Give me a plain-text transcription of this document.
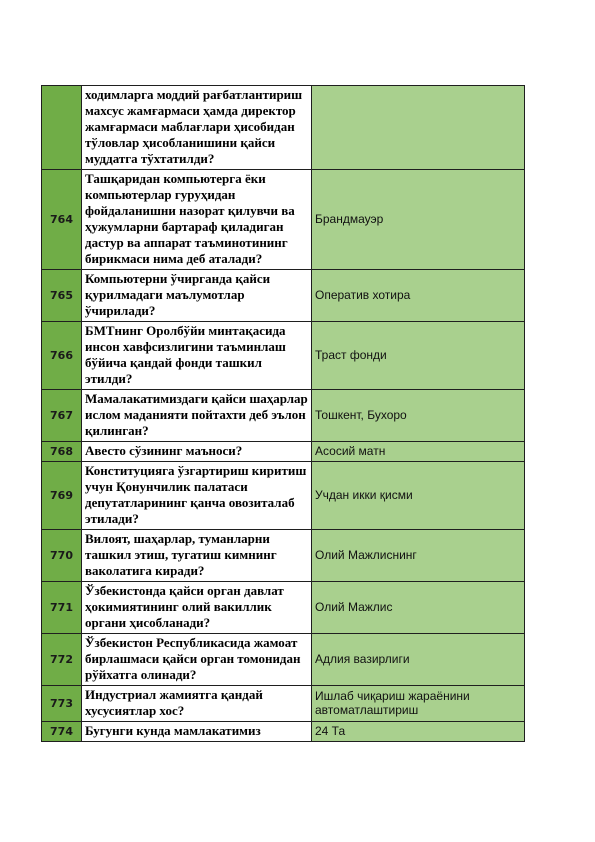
	ходимларга моддий рағбатлантириш махсус жамғармаси ҳамда директор жамғармаси маблағлари ҳисобидан тўловлар ҳисобланишини қайси муддатга тўхтатилди?	
764	Ташқаридан компьютерга ёки компьютерлар гуруҳидан фойдаланишни назорат қилувчи ва ҳужумларни бартараф қиладиган дастур ва аппарат таъминотининг бирикмаси нима деб аталади?	Брандмауэр
765	Компьютерни ўчирганда қайси қурилмадаги маълумотлар ўчирилади?	Оператив хотира
766	БМТнинг Оролбўйи минтақасида инсон хавфсизлигини таъминлаш бўйича қандай фонди ташкил этилди?	Траст фонди
767	Мамалакатимиздаги қайси шаҳарлар ислом маданияти пойтахти деб эълон қилинган?	Тошкент, Бухоро
768	Авесто сўзининг маъноси?	Асосий матн
769	Конституцияга ўзгартириш киритиш учун Қонунчилик палатаси депутатларининг қанча овозиталаб этилади?	Учдан икки қисми
770	Вилоят, шаҳарлар, туманларни ташкил этиш, тугатиш кимнинг ваколатига киради?	Олий Мажлиснинг
771	Ўзбекистонда қайси орган давлат ҳокимиятининг олий вакиллик органи ҳисобланади?	Олий Мажлис
772	Ўзбекистон Республикасида жамоат бирлашмаси қайси орган томонидан рўйхатга олинади?	Адлия вазирлиги
773	Индустриал жамиятга қандай хусусиятлар хос?	Ишлаб чиқариш жараёнини автоматлаштириш
774	Бугунги кунда мамлакатимиз	24 Та
